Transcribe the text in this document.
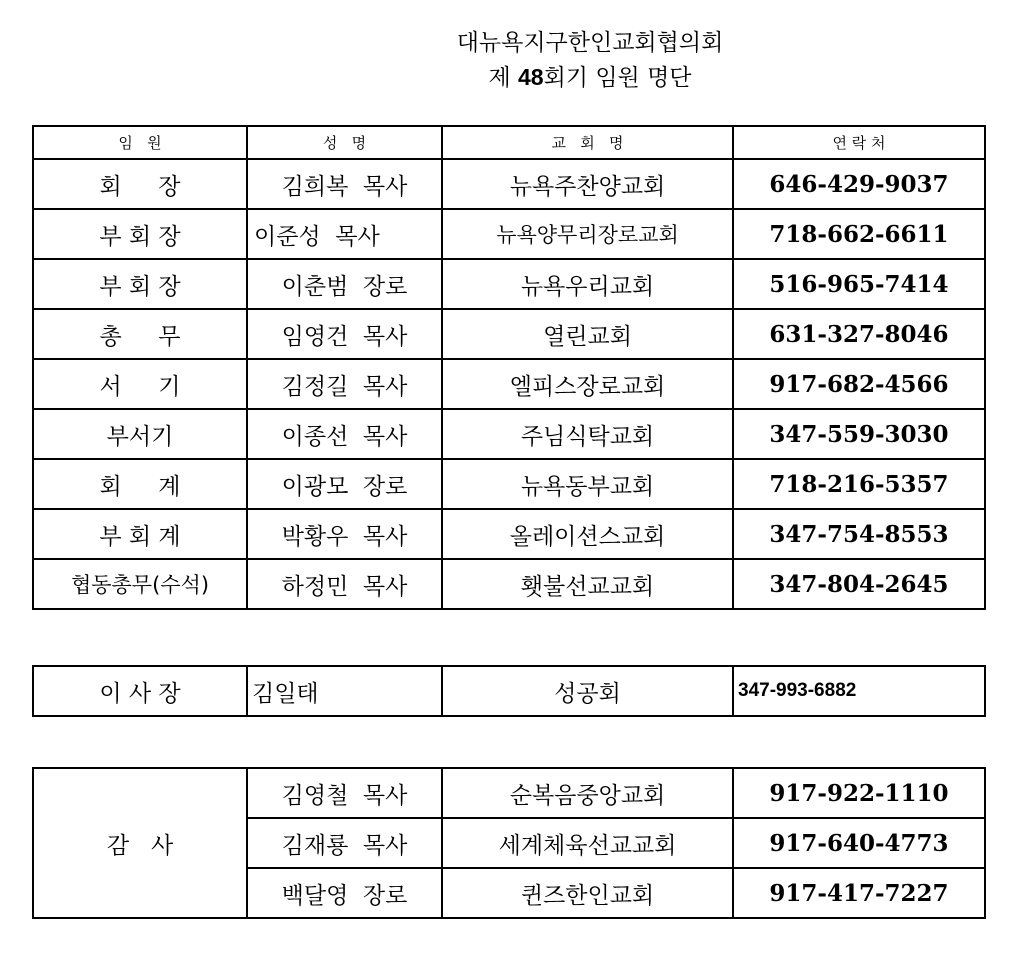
대뉴욕지구한인교회협의회
제 48회기 임원 명단
임   원	성   명	교   회   명	연 락 처
회     장	김희복  목사	뉴욕주찬양교회	646-429-9037
부 회 장	이준성  목사	뉴욕양무리장로교회	718-662-6611
부 회 장	이춘범  장로	뉴욕우리교회	516-965-7414
총     무	임영건  목사	열린교회	631-327-8046
서     기	김정길  목사	엘피스장로교회	917-682-4566
부서기	이종선  목사	주님식탁교회	347-559-3030
회     계	이광모  장로	뉴욕동부교회	718-216-5357
부 회 계	박황우  목사	올레이션스교회	347-754-8553
협동총무(수석)	하정민  목사	횃불선교교회	347-804-2645
이 사 장	김일태	성공회	347-993-6882
감   사	김영철  목사	순복음중앙교회	917-922-1110
	김재룡  목사	세계체육선교교회	917-640-4773
	백달영  장로	퀸즈한인교회	917-417-7227
